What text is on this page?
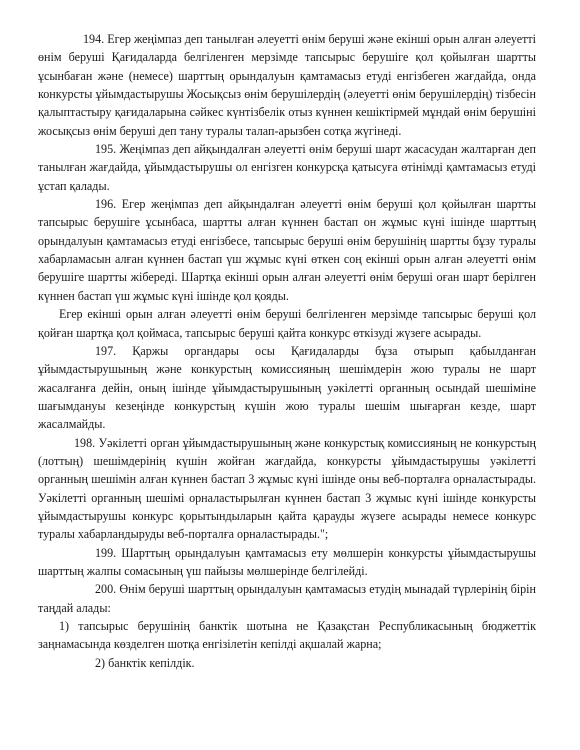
194. Егер жеңімпаз деп танылған әлеуетті өнім беруші және екінші орын алған әлеуетті өнім беруші Қағидаларда белгіленген мерзімде тапсырыс берушіге қол қойылған шартты ұсынбаған және (немесе) шарттың орындалуын қамтамасыз етуді енгізбеген жағдайда, онда конкурсты ұйымдастырушы Жосықсыз өнім берушілердің (әлеуетті өнім берушілердің) тізбесін қалыптастыру қағидаларына сәйкес күнтізбелік отыз күннен кешіктірмей мұндай өнім берушіні жосықсыз өнім беруші деп тану туралы талап-арызбен сотқа жүгінеді.

195. Жеңімпаз деп айқындалған әлеуетті өнім беруші шарт жасасудан жалтарған деп танылған жағдайда, ұйымдастырушы ол енгізген конкурсқа қатысуға өтінімді қамтамасыз етуді ұстап қалады.

196. Егер жеңімпаз деп айқындалған әлеуетті өнім беруші қол қойылған шартты тапсырыс берушіге ұсынбаса, шартты алған күннен бастап он жұмыс күні ішінде шарттың орындалуын қамтамасыз етуді енгізбесе, тапсырыс беруші өнім берушінің шартты бұзу туралы хабарламасын алған күннен бастап үш жұмыс күні өткен соң екінші орын алған әлеуетті өнім берушіге шартты жібереді. Шартқа екінші орын алған әлеуетті өнім беруші оған шарт берілген күннен бастап үш жұмыс күні ішінде қол қояды.

Егер екінші орын алған әлеуетті өнім беруші белгіленген мерзімде тапсырыс беруші қол қойған шартқа қол қоймаса, тапсырыс беруші қайта конкурс өткізуді жүзеге асырады.

197. Қаржы органдары осы Қағидаларды бұза отырып қабылданған ұйымдастырушының және конкурстың комиссияның шешімдерін жою туралы не шарт жасалғанға дейін, оның ішінде ұйымдастырушының уәкілетті органның осындай шешіміне шағымдануы кезеңінде конкурстың күшін жою туралы шешім шығарған кезде, шарт жасалмайды.

198. Уәкілетті орган ұйымдастырушының және конкурстық комиссияның не конкурстың (лоттың) шешімдерінің күшін жойған жағдайда, конкурсты ұйымдастырушы уәкілетті органның шешімін алған күннен бастап 3 жұмыс күні ішінде оны веб-порталға орналастырады. Уәкілетті органның шешімі орналастырылған күннен бастап 3 жұмыс күні ішінде конкурсты ұйымдастырушы конкурс қорытындыларын қайта қарауды жүзеге асырады немесе конкурс туралы хабарландыруды веб-порталға орналастырады.";

199. Шарттың орындалуын қамтамасыз ету мөлшерін конкурсты ұйымдастырушы шарттың жалпы сомасының үш пайызы мөлшерінде белгілейді.

200. Өнім беруші шарттың орындалуын қамтамасыз етудің мынадай түрлерінің бірін таңдай алады:

1) тапсырыс берушінің банктік шотына не Қазақстан Республикасының бюджеттік заңнамасында көзделген шотқа енгізілетін кепілді ақшалай жарна;

2) банктік кепілдік.
